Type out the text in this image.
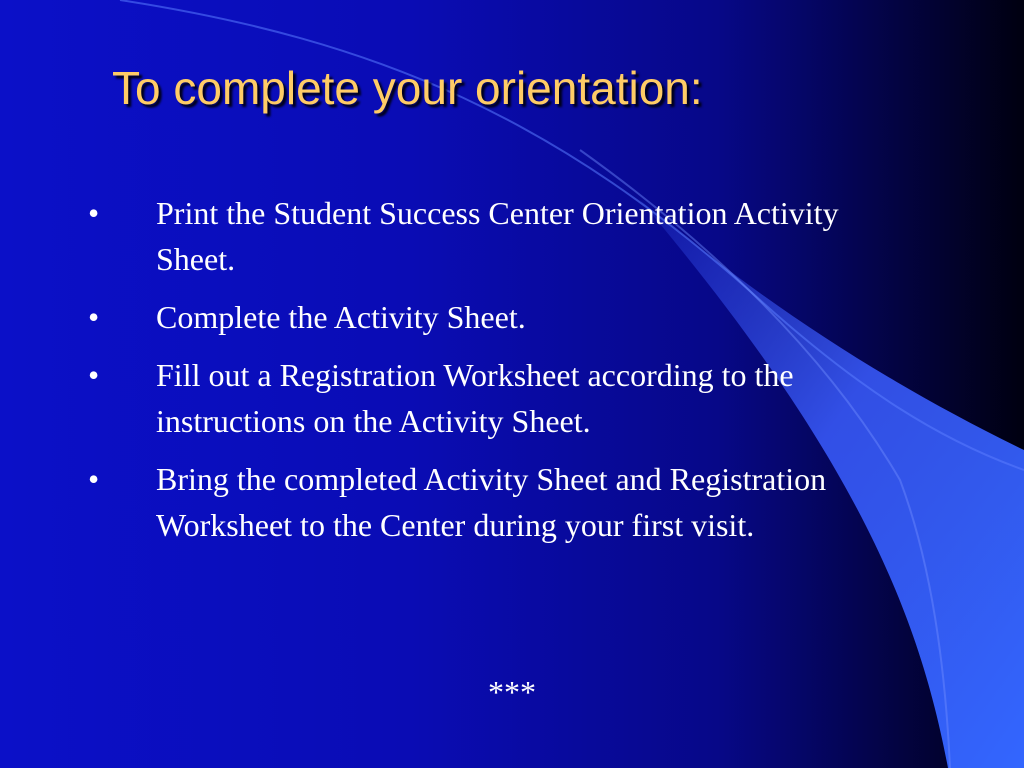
To complete your orientation:
•	Print the Student Success Center Orientation Activity Sheet.
•	Complete the Activity Sheet.
•	Fill out a Registration Worksheet according to the instructions on the Activity Sheet.
•	Bring the completed Activity Sheet and Registration Worksheet to the Center during your first visit.

***
